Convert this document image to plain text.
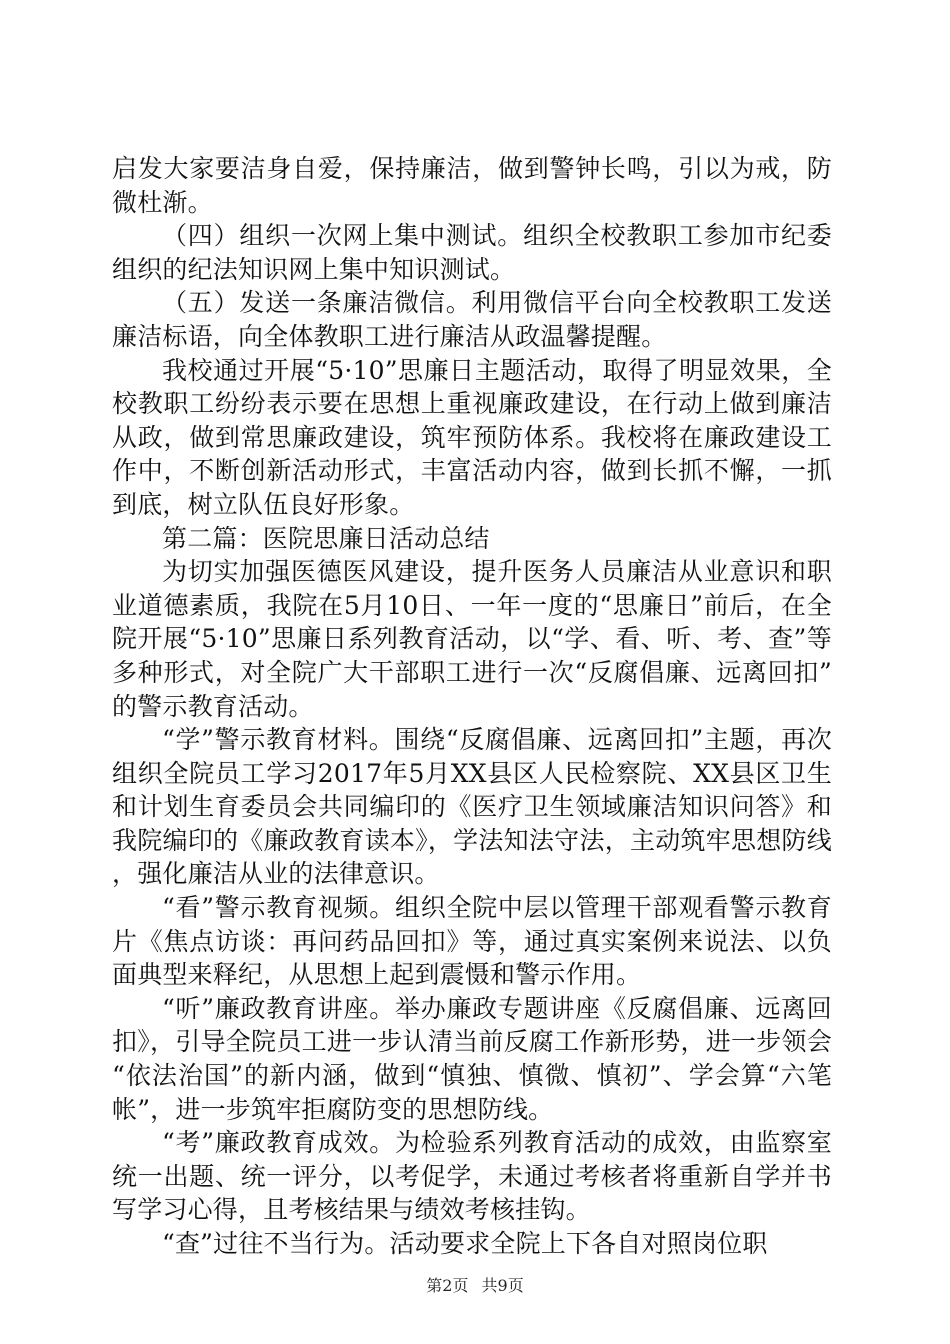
启发大家要洁身自爱，保持廉洁，做到警钟长鸣，引以为戒，防微杜渐。

（四）组织一次网上集中测试。组织全校教职工参加市纪委组织的纪法知识网上集中知识测试。

（五）发送一条廉洁微信。利用微信平台向全校教职工发送廉洁标语，向全体教职工进行廉洁从政温馨提醒。

我校通过开展“5·10”思廉日主题活动，取得了明显效果，全校教职工纷纷表示要在思想上重视廉政建设，在行动上做到廉洁从政，做到常思廉政建设，筑牢预防体系。我校将在廉政建设工作中，不断创新活动形式，丰富活动内容，做到长抓不懈，一抓到底，树立队伍良好形象。

第二篇：医院思廉日活动总结

为切实加强医德医风建设，提升医务人员廉洁从业意识和职业道德素质，我院在5月10日、一年一度的“思廉日”前后，在全院开展“5·10”思廉日系列教育活动，以“学、看、听、考、查”等多种形式，对全院广大干部职工进行一次“反腐倡廉、远离回扣”的警示教育活动。

“学”警示教育材料。围绕“反腐倡廉、远离回扣”主题，再次组织全院员工学习2017年5月XX县区人民检察院、XX县区卫生和计划生育委员会共同编印的《医疗卫生领域廉洁知识问答》和我院编印的《廉政教育读本》，学法知法守法，主动筑牢思想防线，强化廉洁从业的法律意识。

“看”警示教育视频。组织全院中层以管理干部观看警示教育片《焦点访谈：再问药品回扣》等，通过真实案例来说法、以负面典型来释纪，从思想上起到震慑和警示作用。

“听”廉政教育讲座。举办廉政专题讲座《反腐倡廉、远离回扣》，引导全院员工进一步认清当前反腐工作新形势，进一步领会“依法治国”的新内涵，做到“慎独、慎微、慎初”、学会算“六笔帐”，进一步筑牢拒腐防变的思想防线。

“考”廉政教育成效。为检验系列教育活动的成效，由监察室统一出题、统一评分，以考促学，未通过考核者将重新自学并书写学习心得，且考核结果与绩效考核挂钩。

“查”过往不当行为。活动要求全院上下各自对照岗位职

第2页 共9页
